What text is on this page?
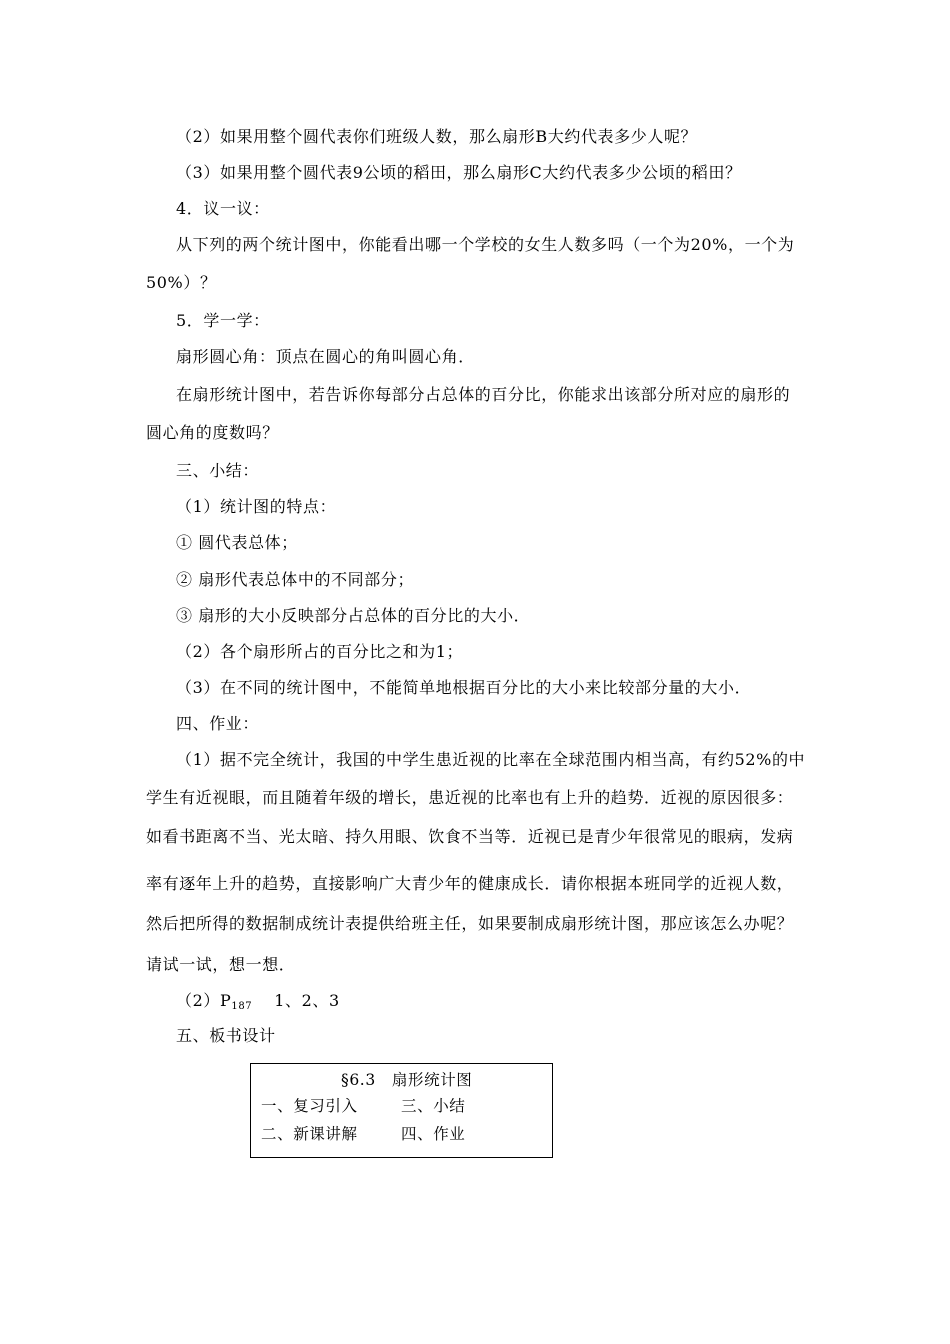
（2）如果用整个圆代表你们班级人数，那么扇形B大约代表多少人呢？
（3）如果用整个圆代表9公顷的稻田，那么扇形C大约代表多少公顷的稻田？
4．议一议：
从下列的两个统计图中，你能看出哪一个学校的女生人数多吗（一个为20%，一个为
50%）？
5．学一学：
扇形圆心角：顶点在圆心的角叫圆心角．
在扇形统计图中，若告诉你每部分占总体的百分比，你能求出该部分所对应的扇形的
圆心角的度数吗？
三、小结：
（1）统计图的特点：
① 圆代表总体；
② 扇形代表总体中的不同部分；
③ 扇形的大小反映部分占总体的百分比的大小．
（2）各个扇形所占的百分比之和为1；
（3）在不同的统计图中，不能简单地根据百分比的大小来比较部分量的大小．
四、作业：
（1）据不完全统计，我国的中学生患近视的比率在全球范围内相当高，有约52%的中
学生有近视眼，而且随着年级的增长，患近视的比率也有上升的趋势．近视的原因很多：
如看书距离不当、光太暗、持久用眼、饮食不当等．近视已是青少年很常见的眼病，发病
率有逐年上升的趋势，直接影响广大青少年的健康成长．请你根据本班同学的近视人数，
然后把所得的数据制成统计表提供给班主任，如果要制成扇形统计图，那应该怎么办呢？
请试一试，想一想．
$(2)P_{187}$ 1、2、3
五、板书设计
§6.3　扇形统计图
一、复习引入	三、小结
二、新课讲解	四、作业
